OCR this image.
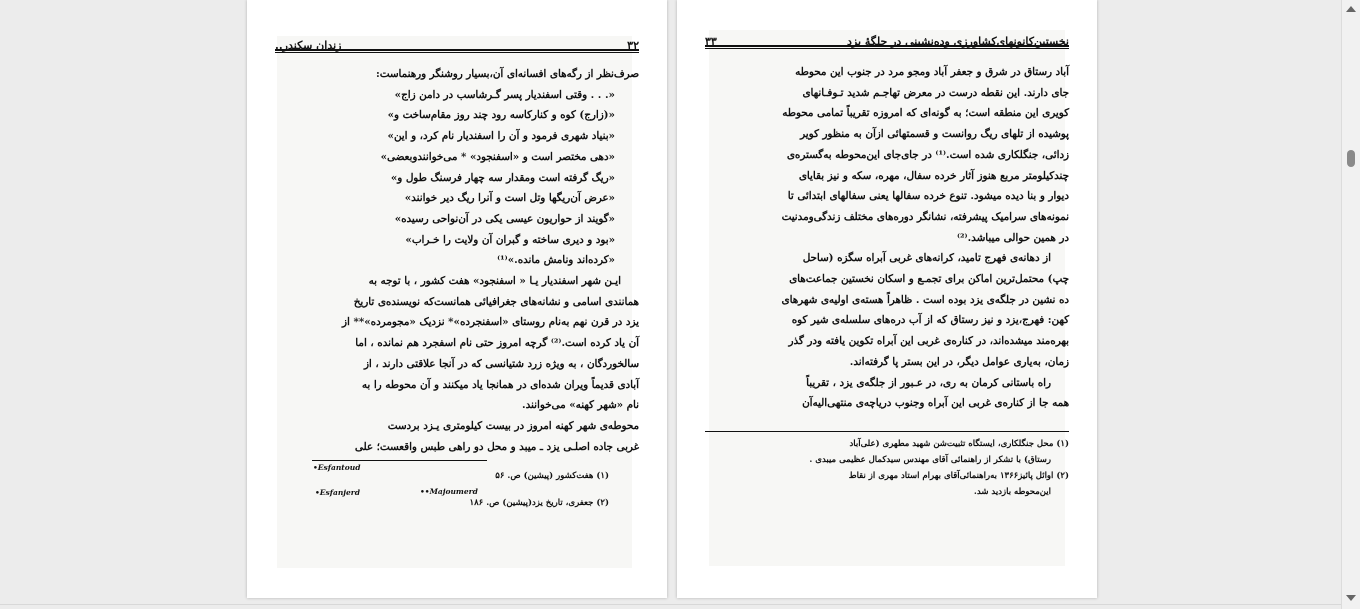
۳۲
زندان سکندر..

صرف‌نظر از رگه‌های افسانه‌ای آن،بسیار روشنگر ورهنماست:

«. . . وقتی اسفندیار پسر گـرشاسب در دامن زاج»

«(زارج) کوه و کنارکاسه رود چند روز مقام‌ساخت و»

«بنیاد شهری فرمود و آن را اسفندیار نام کرد، و این»

«دهی مختصر است و «اسفنجود» * می‌خوانندوبعضی»

«ریگ گرفته است ومقدار سه چهار فرسنگ طول و»

«عرض آن‌ریگها وتل است و آنرا ریگ دیر خوانند»

«گویند از حواریون عیسی یکی در آن‌نواحی رسیده»

«بود و دیری ساخته و گبران‌ آن ولایت را خـراب»

«کرده‌اند ونامش مانده.»⁽¹⁾

ایـن شهر اسفندیار یـا « اسفنجود» هفت کشور ، با توجه به

همانندی اسامی و نشانه‌های جغرافیائی همانست‌که نویسنده‌ی تاریخ

یزد در قرن نهم به‌نام روستای «اسفنجرده»* نزدیک «مجومرده»** از

آن یاد کرده است.⁽²⁾ گرچه امروز حتی نام اسفجرد هم نمانده ، اما

سالخوردگان ، به ویژه زرد شتیانسی که در آنجا علاقتی دارند ، از

آبادی قدیماً ویران شده‌ای در همانجا یاد میکنند و آن محوطه را به

نام «شهر کهنه» می‌خوانند.

محوطه‌ی شهر کهنه امروز در بیست کیلومتری یـزد بردست

غربی جاده اصلـی یزد ـ میبد و محل دو راهی طبس واقعست؛ علی

•Esfantoud
(۱) هفت‌کشور (پیشین) ص. ۵۶
••Majoumerd
•Esfanjerd
(۲) جعفری، تاریخ یزد(پیشین) ص. ۱۸۶
نخستین‌کانونهای‌کشاورزی وده‌نشینی در جلگهٔ یزد
۳۳

آباد رستاق در شرق و جعفر آباد ومجو مرد در جنوب این محوطه

جای دارند. این نقطه درست در معرض تهاجـم شدید تـوفـانهای

کویری این منطقه است؛ به گونه‌ای که امروزه تقریباً تمامی محوطه

پوشیده از تلهای ریگ روانست و قسمتهائی ازآن به منظور کویر

زدائی، جنگلکاری شده است.⁽¹⁾ در جای‌جای این‌محوطه به‌گستره‌ی

چندکیلومتر مربع هنوز آثار خرده سفال، مهره، سکه و نیز بقایای

دیوار و بنا دیده میشود. تنوع خرده سفالها یعنی سفالهای ابتدائی تا

نمونه‌های سرامیک پیشرفته، نشانگر دوره‌های مختلف زندگی‌ومدنیت

در همین حوالی میباشد.⁽²⁾

از دهانه‌ی فهرج تامید، کرانه‌های غربی آبراه سگزه (ساحل

چپ) محتمل‌ترین اماکن برای تجمـع و اسکان نخستین جماعت‌های

ده نشین در جلگه‌ی یزد بوده است . ظاهراً هسته‌ی اولیه‌ی شهرهای

کهن: فهرج،یزد و نیز رستاق که از آب دره‌های سلسله‌ی شیر کوه

بهره‌مند میشده‌اند، در کناره‌ی غربی این آبراه تکوین یافته ودر گذر

زمان، به‌یاری عوامل دیگر، در این بستر پا گرفته‌اند.

راه باستانی کرمان به ری، در عـبور از جلگه‌ی یزد ، تقریباً

همه جا از کناره‌ی غربی این آبراه وجنوب دریاچه‌ی منتهی‌الیه‌آن

(۱) محل جنگلکاری، ایستگاه تثبیت‌شن شهید مطهری (علی‌آباد
رستاق) با تشکر از راهنمائی آقای مهندس سیدکمال عظیمی میبدی .
(۲) اوائل پائیز۱۳۶۶ به‌راهنمائی‌آقای بهرام استاد مهری از نقاط
این‌محوطه بازدید شد.
